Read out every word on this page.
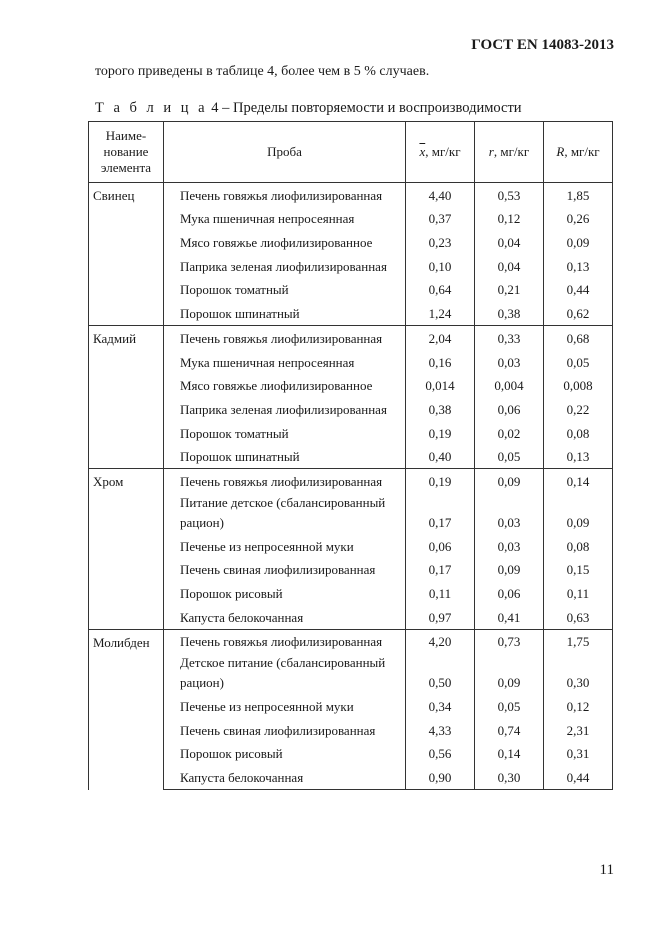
ГОСТ EN 14083-2013
торого приведены в таблице 4, более чем в 5 % случаев.
Т а б л и ц а 4 – Пределы повторяемости и воспроизводимости
Наиме-
нование
элемента	Проба	$\overline{x}$, мг/кг	r, мг/кг	R, мг/кг
Свинец	Печень говяжья лиофилизированная	4,40	0,53	1,85
	Мука пшеничная непросеянная	0,37	0,12	0,26
	Мясо говяжье лиофилизированное	0,23	0,04	0,09
	Паприка зеленая лиофилизированная	0,10	0,04	0,13
	Порошок томатный	0,64	0,21	0,44
	Порошок шпинатный	1,24	0,38	0,62
Кадмий	Печень говяжья лиофилизированная	2,04	0,33	0,68
	Мука пшеничная непросеянная	0,16	0,03	0,05
	Мясо говяжье лиофилизированное	0,014	0,004	0,008
	Паприка зеленая лиофилизированная	0,38	0,06	0,22
	Порошок томатный	0,19	0,02	0,08
	Порошок шпинатный	0,40	0,05	0,13
Хром	Печень говяжья лиофилизированная	0,19	0,09	0,14
	Питание детское (сбалансированный рацион)	0,17	0,03	0,09
	Печенье из непросеянной муки	0,06	0,03	0,08
	Печень свиная лиофилизированная	0,17	0,09	0,15
	Порошок рисовый	0,11	0,06	0,11
	Капуста белокочанная	0,97	0,41	0,63
Молибден	Печень говяжья лиофилизированная	4,20	0,73	1,75
	Детское питание (сбалансированный рацион)	0,50	0,09	0,30
	Печенье из непросеянной муки	0,34	0,05	0,12
	Печень свиная лиофилизированная	4,33	0,74	2,31
	Порошок рисовый	0,56	0,14	0,31
	Капуста белокочанная	0,90	0,30	0,44
11
